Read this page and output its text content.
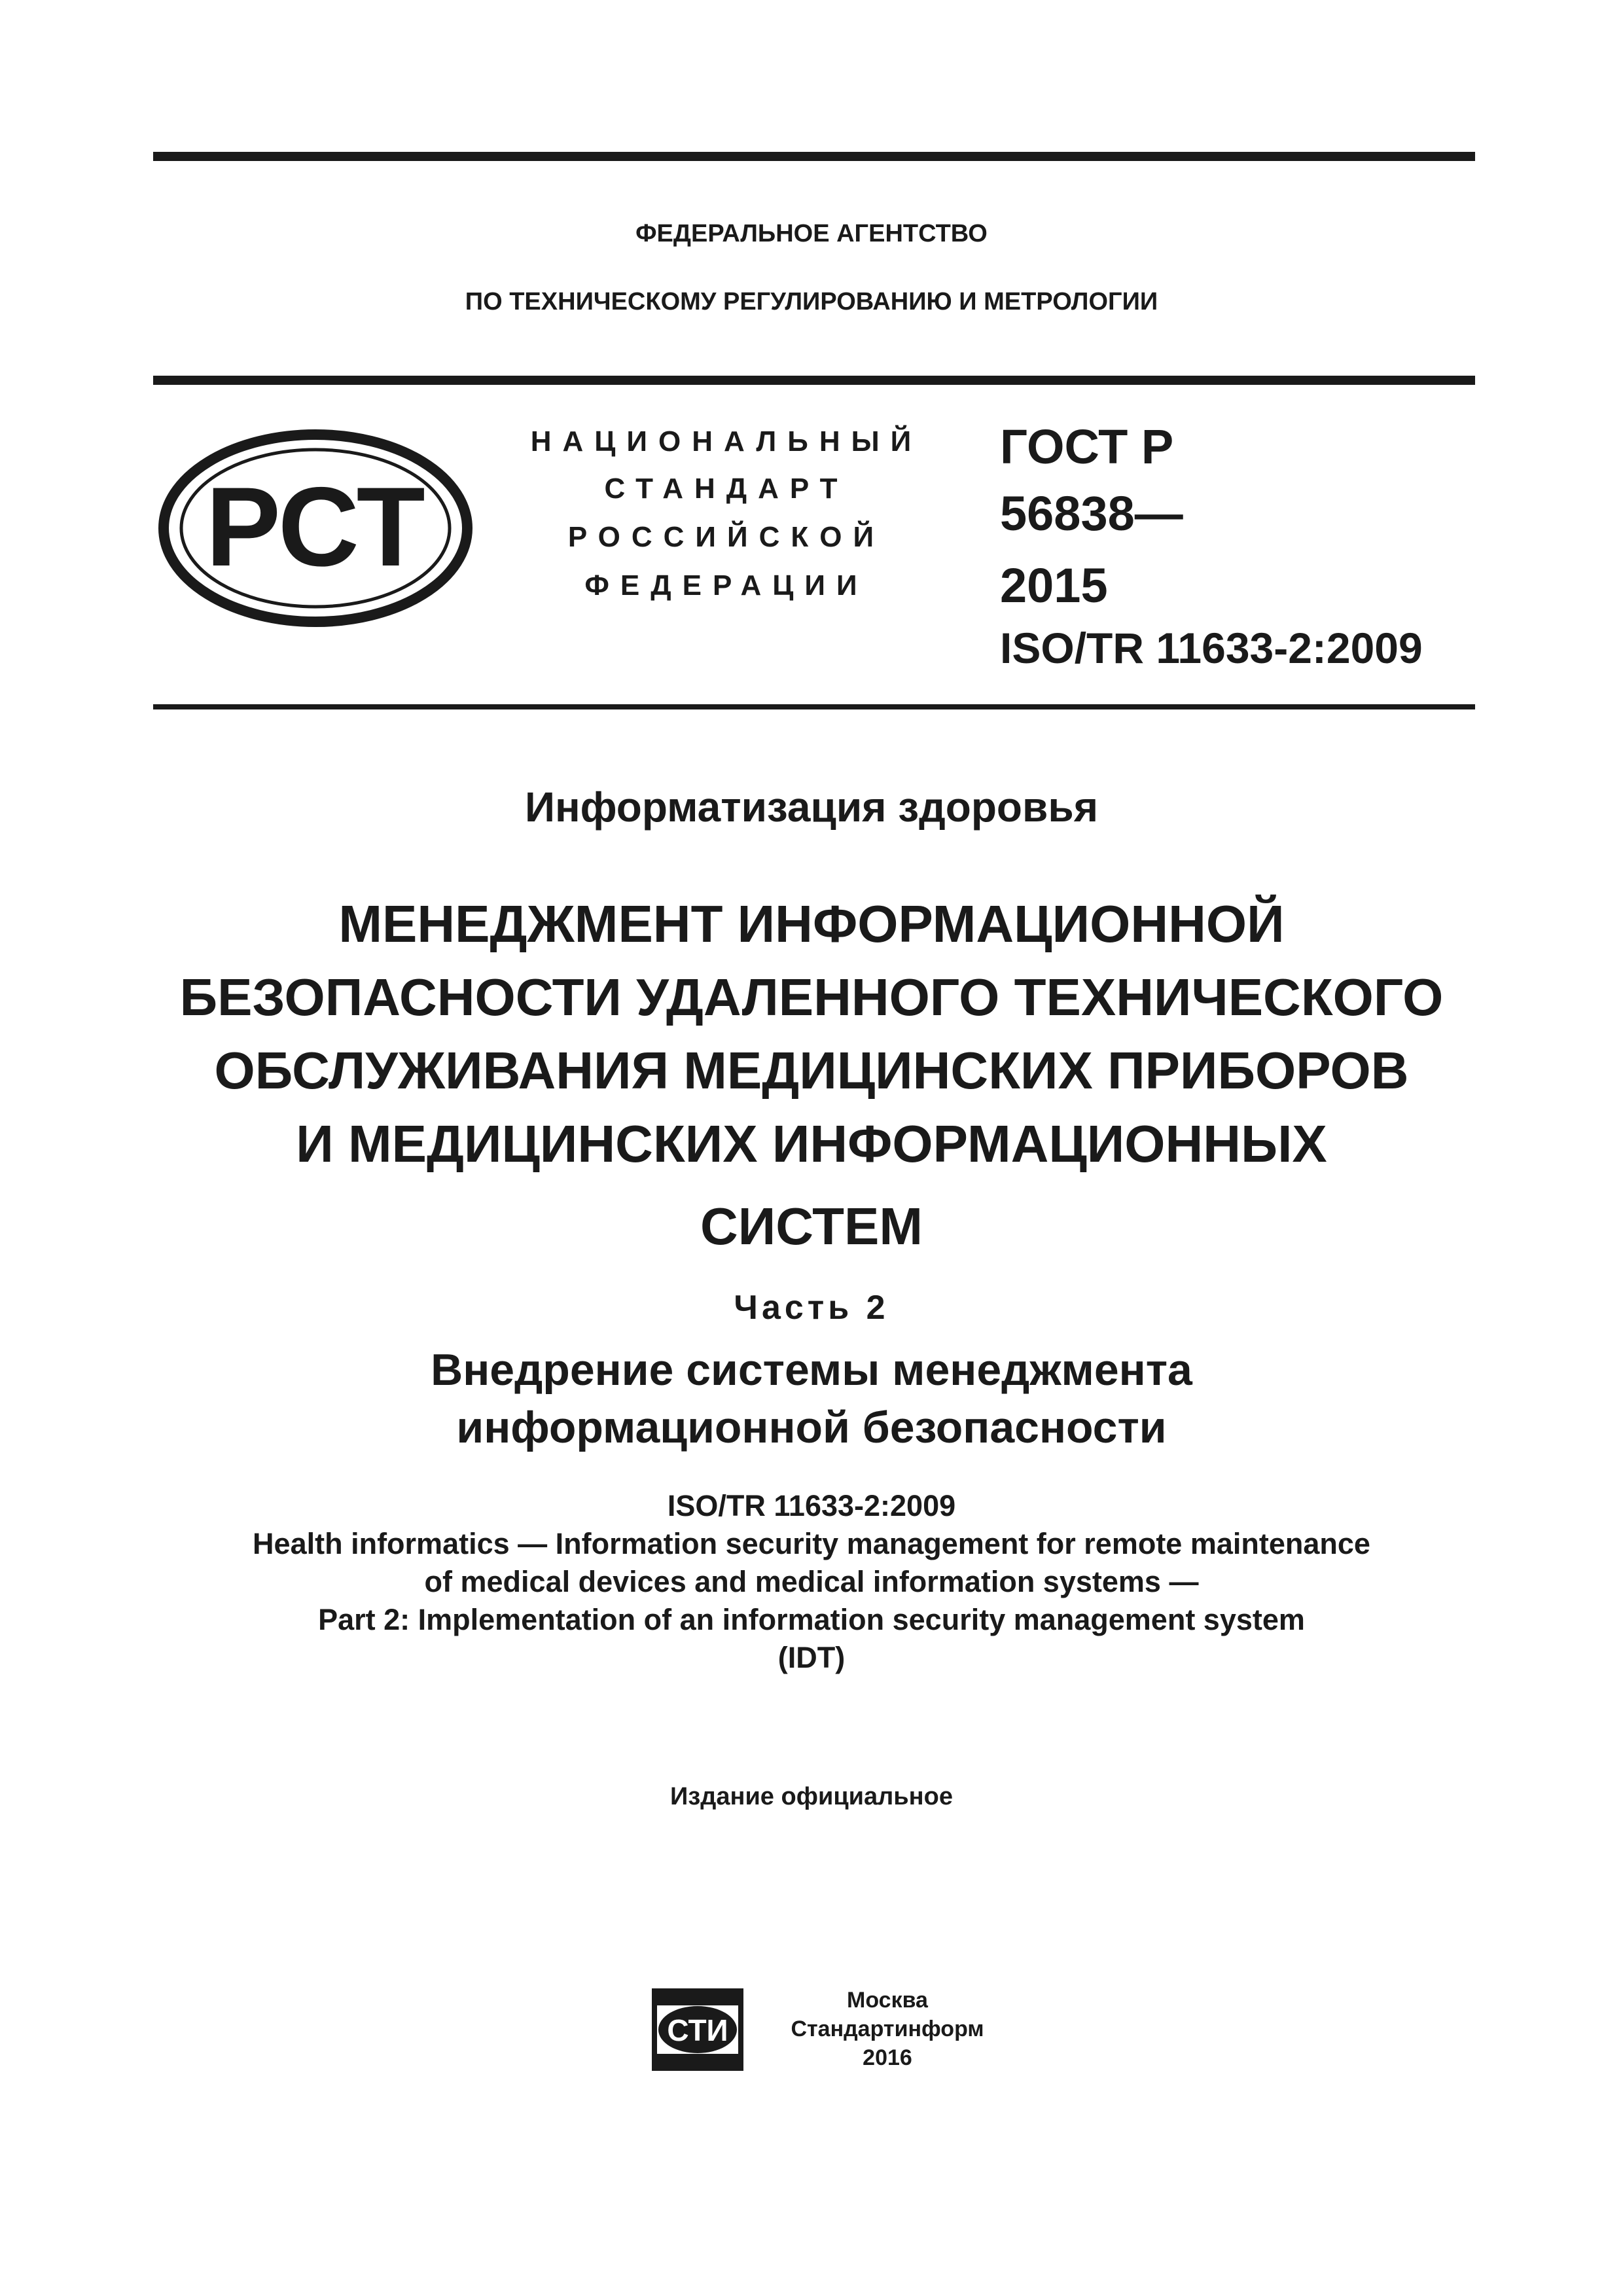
ФЕДЕРАЛЬНОЕ АГЕНТСТВО
ПО ТЕХНИЧЕСКОМУ РЕГУЛИРОВАНИЮ И МЕТРОЛОГИИ
РСТ
НАЦИОНАЛЬНЫЙ
СТАНДАРТ
РОССИЙСКОЙ
ФЕДЕРАЦИИ
ГОСТ Р
56838—
2015
ISO/TR 11633-2:2009
Информатизация здоровья
МЕНЕДЖМЕНТ ИНФОРМАЦИОННОЙ
БЕЗОПАСНОСТИ УДАЛЕННОГО ТЕХНИЧЕСКОГО
ОБСЛУЖИВАНИЯ МЕДИЦИНСКИХ ПРИБОРОВ
И МЕДИЦИНСКИХ ИНФОРМАЦИОННЫХ
СИСТЕМ
Часть 2
Внедрение системы менеджмента
информационной безопасности
ISO/TR 11633-2:2009
Health informatics — Information security management for remote maintenance
of medical devices and medical information systems —
Part 2: Implementation of an information security management system
(IDT)
Издание официальное
СТИ
Москва
Стандартинформ
2016
